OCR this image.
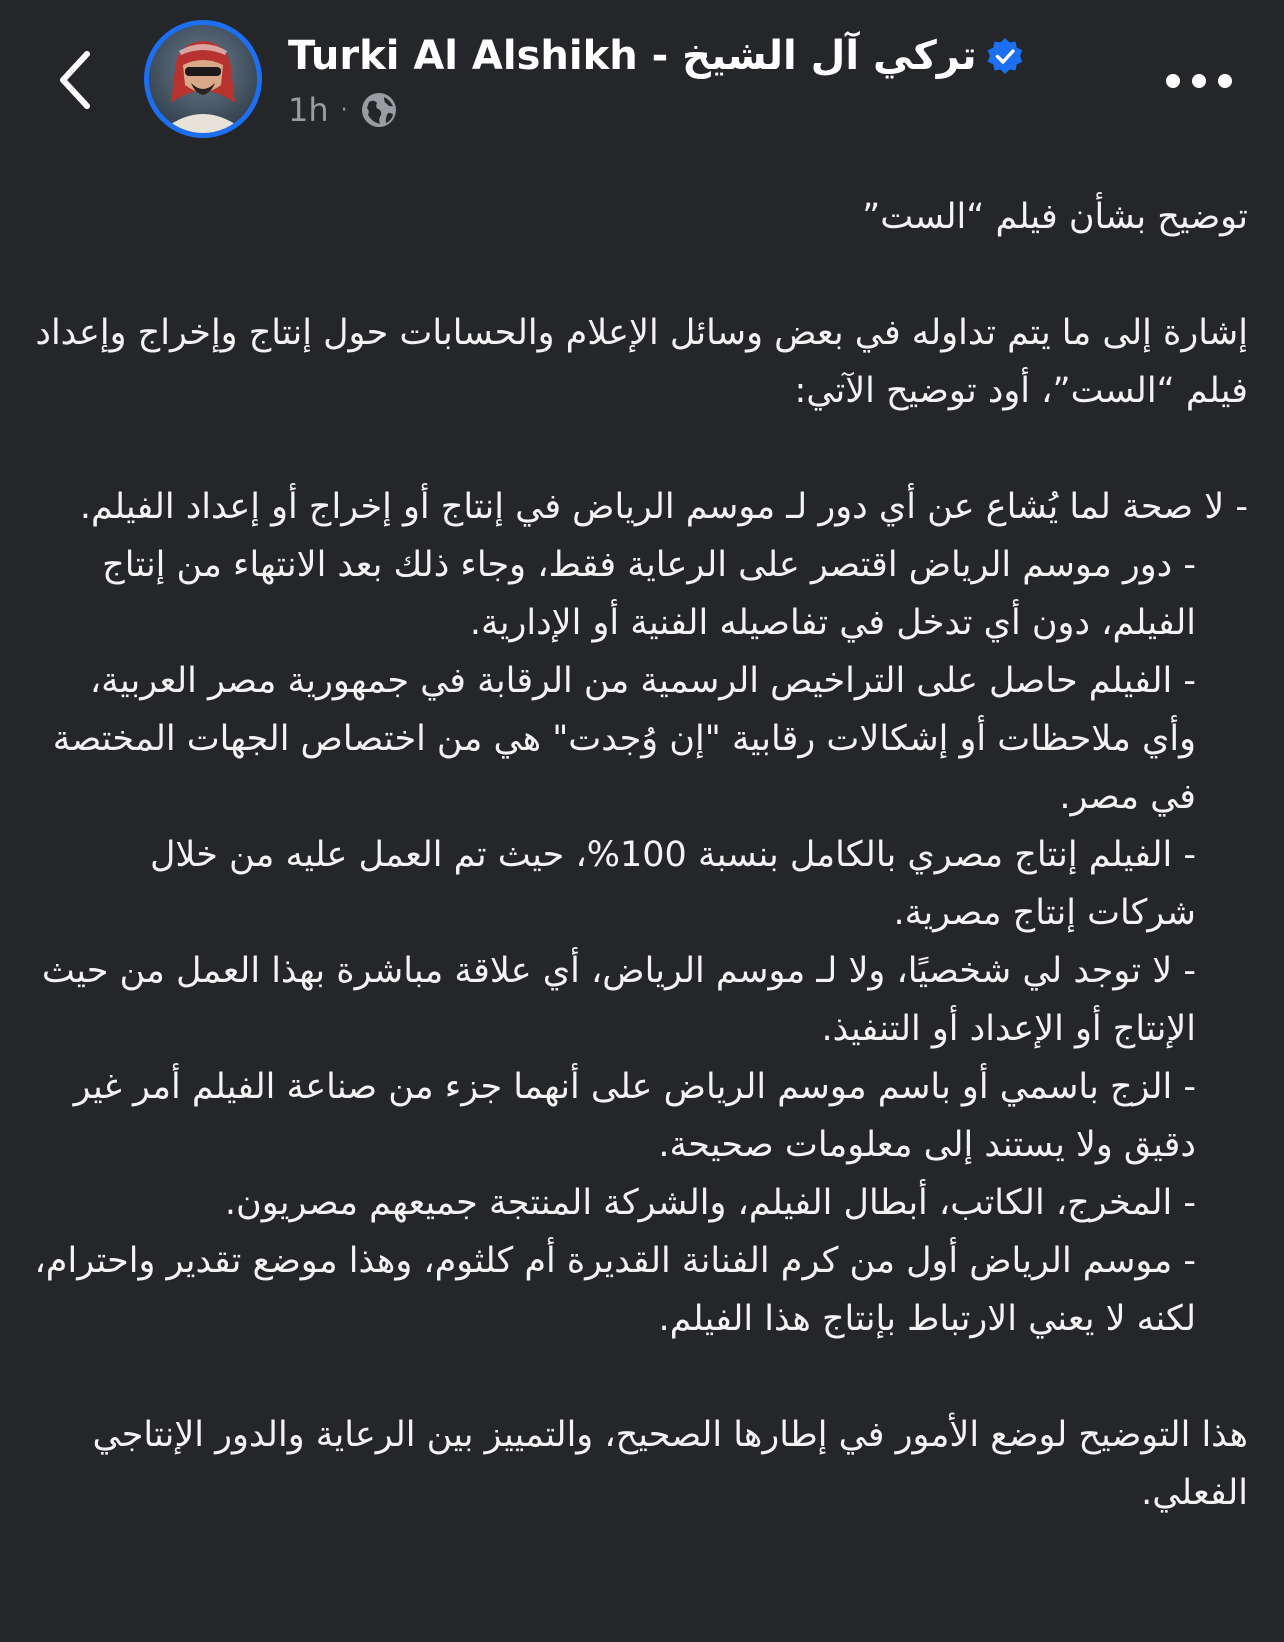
Turki Al Alshikh - تركي آل الشيخ
1h ·

توضيح بشأن فيلم “الست”

إشارة إلى ما يتم تداوله في بعض وسائل الإعلام والحسابات حول إنتاج وإخراج وإعداد فيلم “الست”، أود توضيح الآتي:

- لا صحة لما يُشاع عن أي دور لـ موسم الرياض في إنتاج أو إخراج أو إعداد الفيلم.

- دور موسم الرياض اقتصر على الرعاية فقط، وجاء ذلك بعد الانتهاء من إنتاج الفيلم، دون أي تدخل في تفاصيله الفنية أو الإدارية.

- الفيلم حاصل على التراخيص الرسمية من الرقابة في جمهورية مصر العربية، وأي ملاحظات أو إشكالات رقابية "إن وُجدت" هي من اختصاص الجهات المختصة في مصر.

- الفيلم إنتاج مصري بالكامل بنسبة 100%، حيث تم العمل عليه من خلال شركات إنتاج مصرية.

- لا توجد لي شخصيًا، ولا لـ موسم الرياض، أي علاقة مباشرة بهذا العمل من حيث الإنتاج أو الإعداد أو التنفيذ.

- الزج باسمي أو باسم موسم الرياض على أنهما جزء من صناعة الفيلم أمر غير دقيق ولا يستند إلى معلومات صحيحة.

- المخرج، الكاتب، أبطال الفيلم، والشركة المنتجة جميعهم مصريون.

- موسم الرياض أول من كرم الفنانة القديرة أم كلثوم، وهذا موضع تقدير واحترام، لكنه لا يعني الارتباط بإنتاج هذا الفيلم.

هذا التوضيح لوضع الأمور في إطارها الصحيح، والتمييز بين الرعاية والدور الإنتاجي الفعلي.
